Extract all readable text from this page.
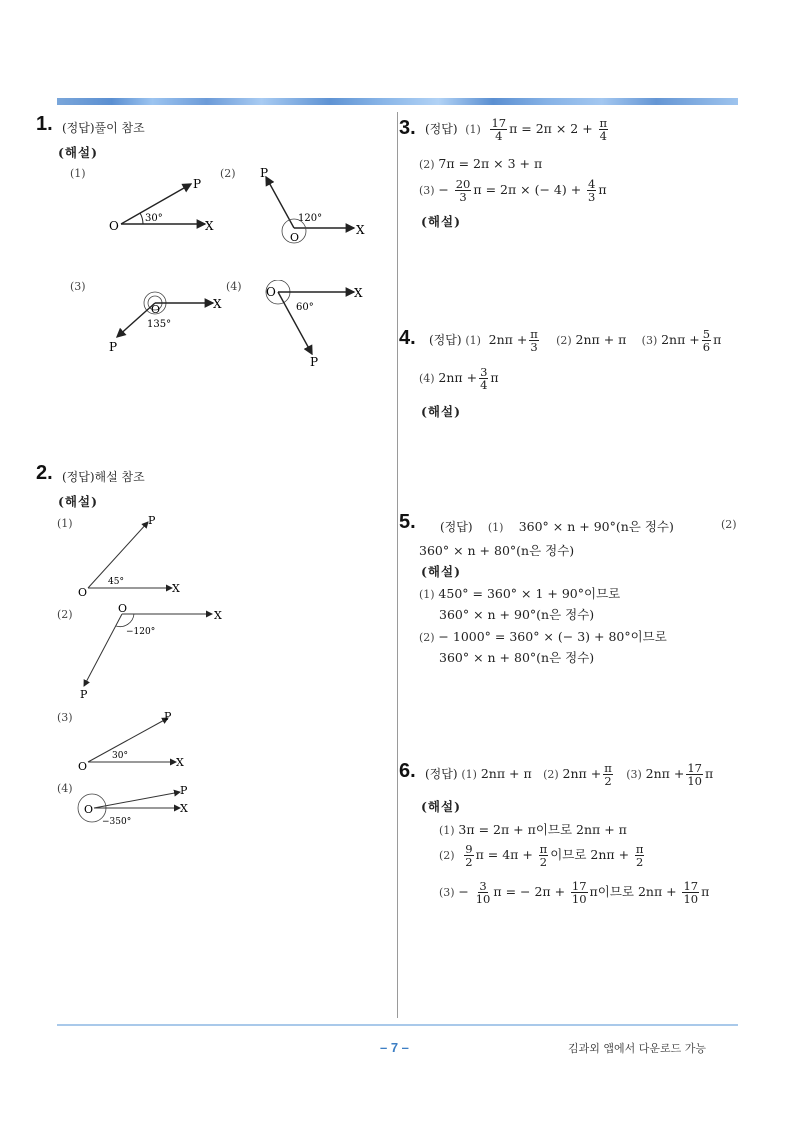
1. (정답)풀이 참조
(해설)
(1)
O
P
X
30°
(2) P
X
O
120°
(3)
O	X
P
135°
(4) O	X
P
60°
2. (정답)해설 참조
(해설)
(1)
O
P
X
45°
(2)	O
X
P
−120°
(3)
O
P
X
30°
(4)
O
P
X
−350°
3. (정답) $(1) \frac{17}{4}$ $\pi = 2\pi \times 2 + \frac{\pi}{4}$
(2) 7π = 2π × 3 + π
$(3) - \frac{20}{3}$ π = 2π × (− $4) + \frac{4}{3}$ π
(해설)
4. (정답) (1) $2n\pi + \frac{\pi}{3} (2) 2n\pi + \pi$ (3) $2n\pi + \frac{5}{6}$ π
(4) $2n\pi + \frac{3}{4}$ π
(해설)
5. (정답) (1) 360° × n + 90°(n은 정수)	(2)
360° × n + 80°(n은 정수)
(해설)
(1) 450° = 360° × 1 + 90°이므로
360° × n + 90°(n은 정수)
(2) − 1000° = 360° × (− 3) + 80°이므로
360° × n + 80°(n은 정수)
6. (정답) (1) 2nπ + π (2) $2n\pi + \frac{\pi}{2} (3) 2n\pi + \frac{17}{10}$ π
(해설)
(1) 3π = 2π + π이므로 2nπ + π
$(2) \frac{9}{2}$ $\pi = 4\pi + \frac{\pi}{2}$ 이므로 $2n\pi + \frac{\pi}{2}$
$(3) - \frac{3}{10}$ π = − $2\pi + \frac{17}{10}$ π이므로 $2n\pi + \frac{17}{10}$ π
– 7 –	김과외 앱에서 다운로드 가능
